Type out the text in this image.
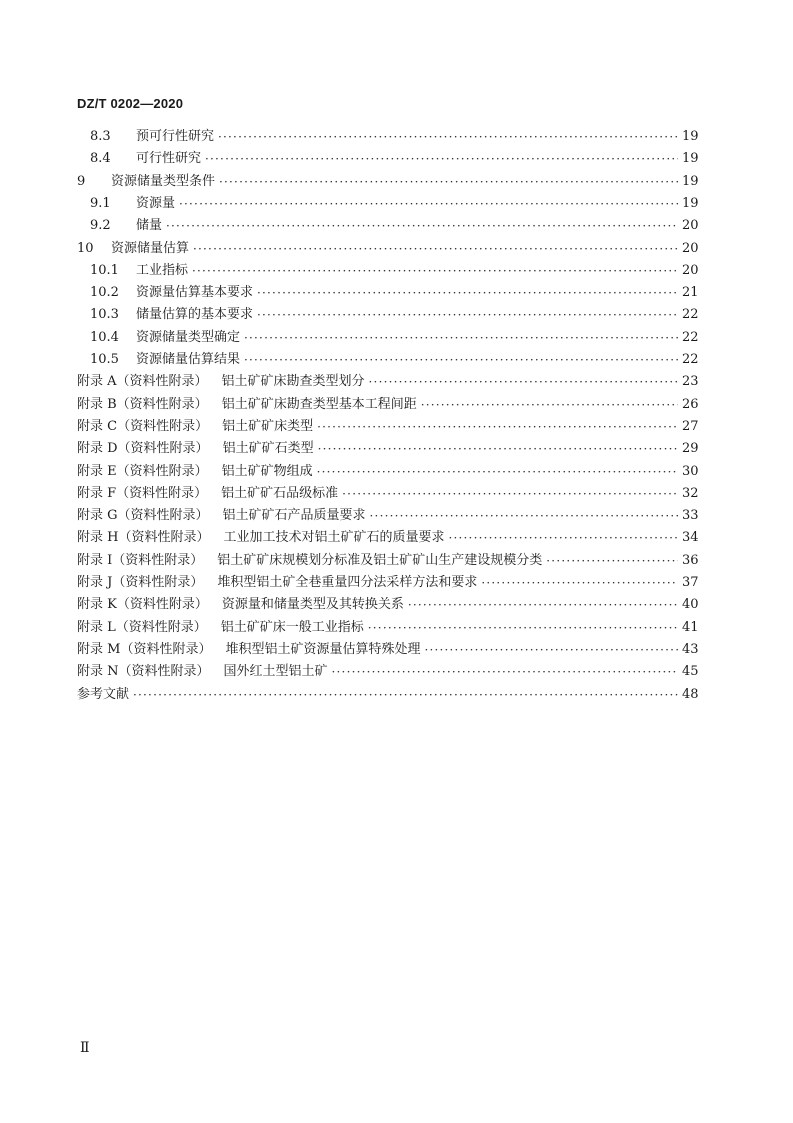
DZ/T 0202—2020
8.3	预可行性研究 ·····	19
8.4	可行性研究 ·····	19
9	资源储量类型条件 ·····	19
9.1	资源量 ·····	19
9.2	储量 ·····	20
10	资源储量估算 ·····	20
10.1	工业指标 ·····	20
10.2	资源量估算基本要求 ·····	21
10.3	储量估算的基本要求 ·····	22
10.4	资源储量类型确定 ·····	22
10.5	资源储量估算结果 ·····	22
附录 A（资料性附录） 铝土矿矿床勘查类型划分 ·····	23
附录 B（资料性附录） 铝土矿矿床勘查类型基本工程间距 ·····	26
附录 C（资料性附录） 铝土矿矿床类型 ·····	27
附录 D（资料性附录） 铝土矿矿石类型 ·····	29
附录 E（资料性附录） 铝土矿矿物组成 ·····	30
附录 F（资料性附录） 铝土矿矿石品级标准 ·····	32
附录 G（资料性附录） 铝土矿矿石产品质量要求 ·····	33
附录 H（资料性附录） 工业加工技术对铝土矿矿石的质量要求 ·····	34
附录 I（资料性附录） 铝土矿矿床规模划分标准及铝土矿矿山生产建设规模分类 ·····	36
附录 J（资料性附录） 堆积型铝土矿全巷重量四分法采样方法和要求 ·····	37
附录 K（资料性附录） 资源量和储量类型及其转换关系 ·····	40
附录 L（资料性附录） 铝土矿矿床一般工业指标 ·····	41
附录 M（资料性附录） 堆积型铝土矿资源量估算特殊处理 ·····	43
附录 N（资料性附录） 国外红土型铝土矿 ·····	45
参考文献 ·····	48
Ⅱ
